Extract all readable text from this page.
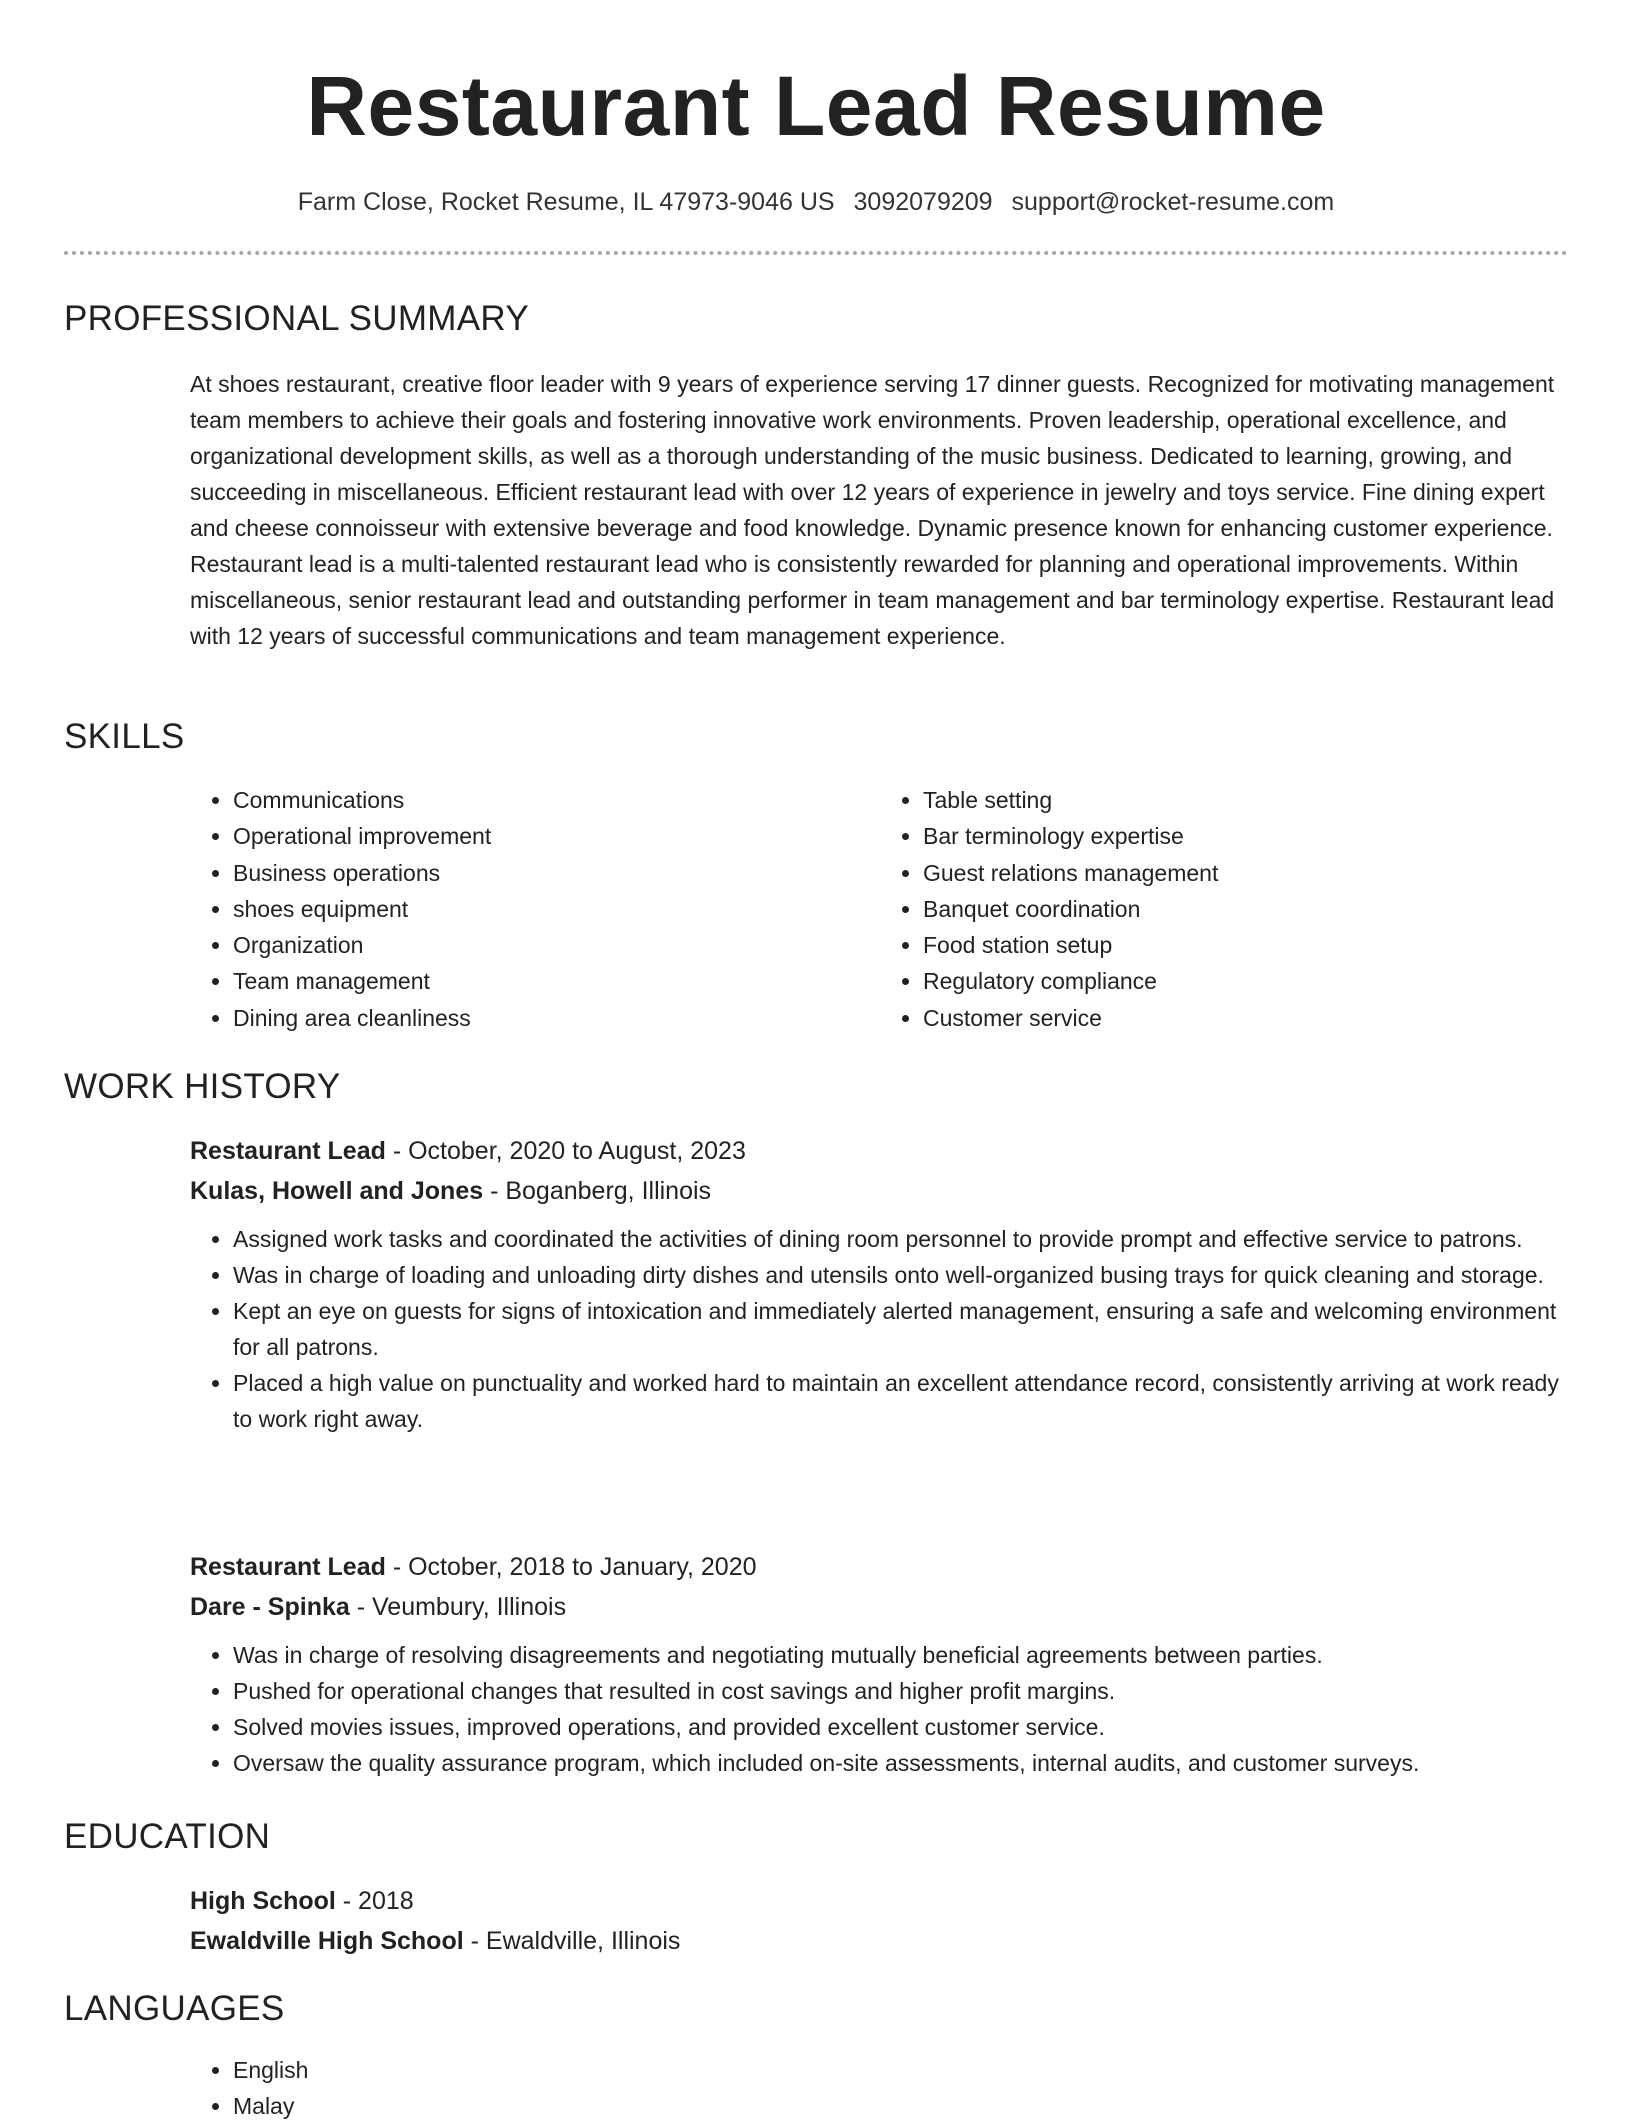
Restaurant Lead Resume
Farm Close, Rocket Resume, IL 47973-9046 US 3092079209 support@rocket-resume.com
PROFESSIONAL SUMMARY

At shoes restaurant, creative floor leader with 9 years of experience serving 17 dinner guests. Recognized for motivating management team members to achieve their goals and fostering innovative work environments. Proven leadership, operational excellence, and organizational development skills, as well as a thorough understanding of the music business. Dedicated to learning, growing, and succeeding in miscellaneous. Efficient restaurant lead with over 12 years of experience in jewelry and toys service. Fine dining expert and cheese connoisseur with extensive beverage and food knowledge. Dynamic presence known for enhancing customer experience. Restaurant lead is a multi-talented restaurant lead who is consistently rewarded for planning and operational improvements. Within miscellaneous, senior restaurant lead and outstanding performer in team management and bar terminology expertise. Restaurant lead with 12 years of successful communications and team management experience.

SKILLS
• Communications
• Operational improvement
• Business operations
• shoes equipment
• Organization
• Team management
• Dining area cleanliness
• Table setting
• Bar terminology expertise
• Guest relations management
• Banquet coordination
• Food station setup
• Regulatory compliance
• Customer service
WORK HISTORY
Restaurant Lead - October, 2020 to August, 2023
Kulas, Howell and Jones - Boganberg, Illinois
• Assigned work tasks and coordinated the activities of dining room personnel to provide prompt and effective service to patrons.
• Was in charge of loading and unloading dirty dishes and utensils onto well-organized busing trays for quick cleaning and storage.
• Kept an eye on guests for signs of intoxication and immediately alerted management, ensuring a safe and welcoming environment for all patrons.
• Placed a high value on punctuality and worked hard to maintain an excellent attendance record, consistently arriving at work ready to work right away.
Restaurant Lead - October, 2018 to January, 2020
Dare - Spinka - Veumbury, Illinois
• Was in charge of resolving disagreements and negotiating mutually beneficial agreements between parties.
• Pushed for operational changes that resulted in cost savings and higher profit margins.
• Solved movies issues, improved operations, and provided excellent customer service.
• Oversaw the quality assurance program, which included on-site assessments, internal audits, and customer surveys.
EDUCATION
High School - 2018
Ewaldville High School - Ewaldville, Illinois
LANGUAGES
• English
• Malay
